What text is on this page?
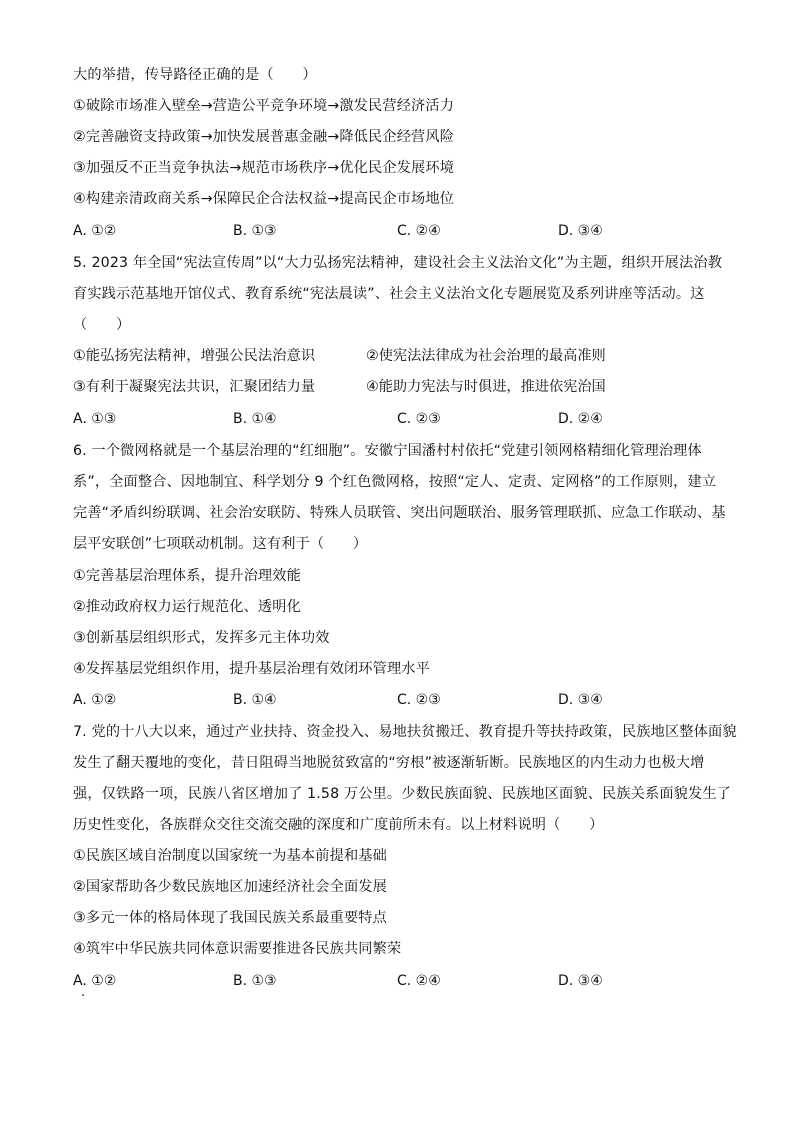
大的举措，传导路径正确的是（　　）
①破除市场准入壁垒→营造公平竞争环境→激发民营经济活力
②完善融资支持政策→加快发展普惠金融→降低民企经营风险
③加强反不正当竞争执法→规范市场秩序→优化民企发展环境
④构建亲清政商关系→保障民企合法权益→提高民企市场地位
A. ①②	B. ①③	C. ②④	D. ③④
5. 2023 年全国“宪法宣传周”以“大力弘扬宪法精神，建设社会主义法治文化”为主题，组织开展法治教
育实践示范基地开馆仪式、教育系统“宪法晨读”、社会主义法治文化专题展览及系列讲座等活动。这
（　　）
①能弘扬宪法精神，增强公民法治意识	②使宪法法律成为社会治理的最高准则
③有利于凝聚宪法共识，汇聚团结力量	④能助力宪法与时俱进，推进依宪治国
A. ①③	B. ①④	C. ②③	D. ②④
6. 一个微网格就是一个基层治理的“红细胞”。安徽宁国潘村村依托“党建引领网格精细化管理治理体
系”，全面整合、因地制宜、科学划分 9 个红色微网格，按照“定人、定责、定网格”的工作原则，建立
完善“矛盾纠纷联调、社会治安联防、特殊人员联管、突出问题联治、服务管理联抓、应急工作联动、基
层平安联创”七项联动机制。这有利于（　　）
①完善基层治理体系，提升治理效能
②推动政府权力运行规范化、透明化
③创新基层组织形式，发挥多元主体功效
④发挥基层党组织作用，提升基层治理有效闭环管理水平
A. ①②	B. ①④	C. ②③	D. ③④
7. 党的十八大以来，通过产业扶持、资金投入、易地扶贫搬迁、教育提升等扶持政策，民族地区整体面貌
发生了翻天覆地的变化，昔日阻碍当地脱贫致富的“穷根”被逐渐斩断。民族地区的内生动力也极大增
强，仅铁路一项，民族八省区增加了 1.58 万公里。少数民族面貌、民族地区面貌、民族关系面貌发生了
历史性变化，各族群众交往交流交融的深度和广度前所未有。以上材料说明（　　）
①民族区域自治制度以国家统一为基本前提和基础
②国家帮助各少数民族地区加速经济社会全面发展
③多元一体的格局体现了我国民族关系最重要特点
④筑牢中华民族共同体意识需要推进各民族共同繁荣
A. ①②	B. ①③	C. ②④	D. ③④
